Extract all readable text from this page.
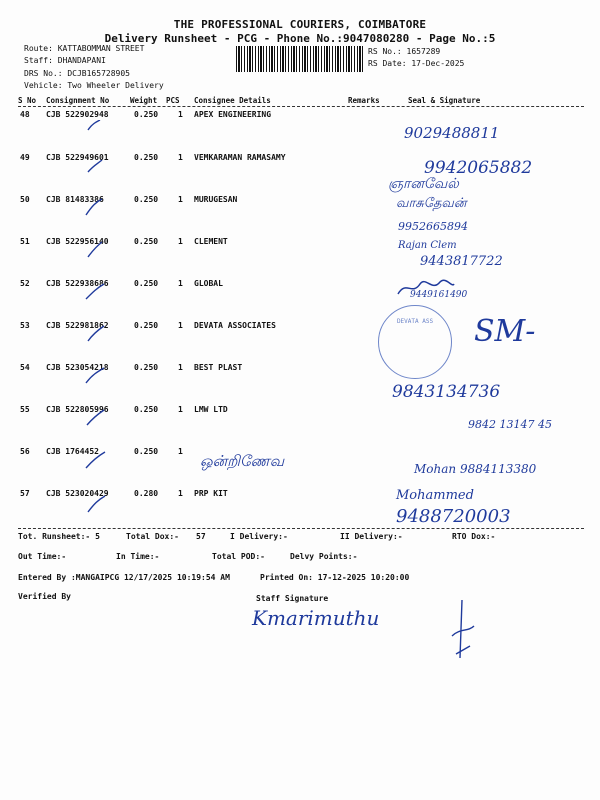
THE PROFESSIONAL COURIERS, COIMBATORE
Delivery Runsheet - PCG - Phone No.:9047080280 - Page No.:5
Route: KATTABOMMAN STREET
Staff: DHANDAPANI
DRS No.: DCJB165728905
Vehicle: Two Wheeler Delivery
RS No.: 1657289
RS Date: 17-Dec-2025
S No Consignment No	Weight PCS Consignee Details	Remarks	Seal & Signature
48 CJB 522902948	0.250 1 APEX ENGINEERING
49 CJB 522949601	0.250 1 VEMKARAMAN RAMASAMY
50 CJB 81483386	0.250 1 MURUGESAN
51 CJB 522956140	0.250 1 CLEMENT
52 CJB 522938686	0.250 1 GLOBAL
53 CJB 522981862	0.250 1 DEVATA ASSOCIATES
54 CJB 523054218	0.250 1 BEST PLAST
55 CJB 522805996	0.250 1 LMW LTD
56 CJB 1764452	0.250 1
57 CJB 523020429	0.280 1 PRP KIT
9029488811
9942065882
ஞானவேல்
வாசுதேவன்
9952665894
Rajan Clem
9443817722
9449161490
DEVATA ASS	SM-
9843134736
9842 13147 45
ஒன்றிணேவ	Mohan 9884113380
Mohammed
9488720003
Tot. Runsheet:- 5	Total Dox:- 57	I Delivery:-	II Delivery:-	RTO Dox:-
Out Time:-	In Time:-	Total POD:-	Delvy Points:-
Entered By :MANGAIPCG 12/17/2025 10:19:54 AM	Printed On: 17-12-2025 10:20:00
Verified By	Staff Signature
Kmarimuthu
